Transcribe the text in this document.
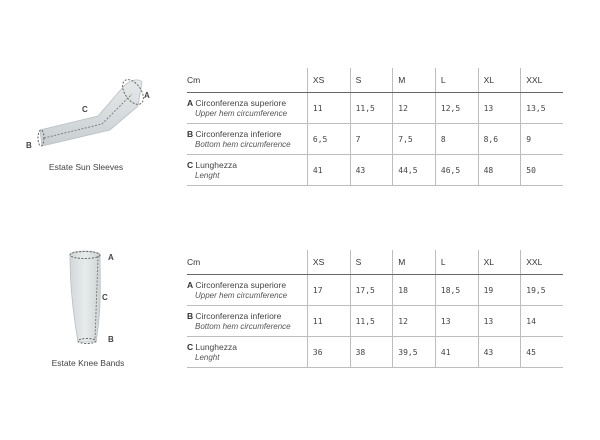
A
B
C
Estate Sun Sleeves
Cm	XS	S	M	L	XL	XXL
A Circonferenza superiore
Upper hem circumference	11	11,5	12	12,5	13	13,5
B Circonferenza inferiore
Bottom hem circumference	6,5	7	7,5	8	8,6	9
C Lunghezza
Lenght	41	43	44,5	46,5	48	50
A
C
B
Estate Knee Bands
Cm	XS	S	M	L	XL	XXL
A Circonferenza superiore
Upper hem circumference	17	17,5	18	18,5	19	19,5
B Circonferenza inferiore
Bottom hem circumference	11	11,5	12	13	13	14
C Lunghezza
Lenght	36	38	39,5	41	43	45
